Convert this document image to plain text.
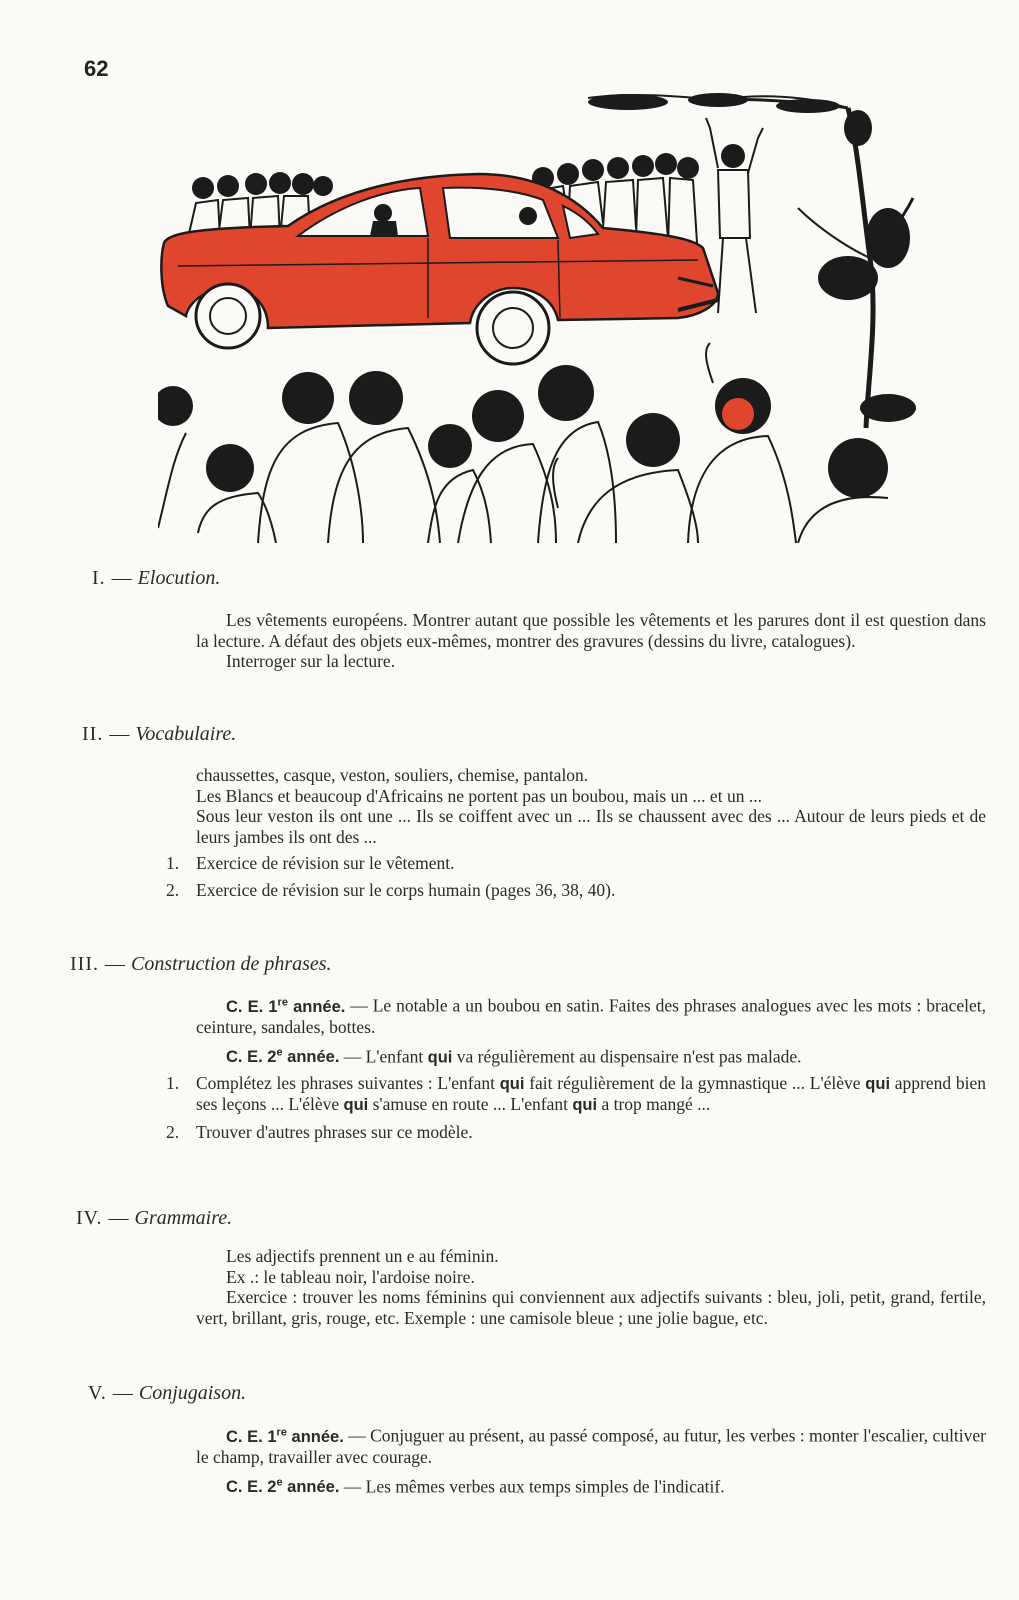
62
I. — Elocution.

Les vêtements européens. Montrer autant que possible les vêtements et les parures dont il est question dans la lecture. A défaut des objets eux-mêmes, montrer des gravures (dessins du livre, catalogues).

Interroger sur la lecture.

II. — Vocabulaire.

chaussettes, casque, veston, souliers, chemise, pantalon.

Les Blancs et beaucoup d'Africains ne portent pas un boubou, mais un ... et un ...

Sous leur veston ils ont une ... Ils se coiffent avec un ... Ils se chaussent avec des ... Autour de leurs pieds et de leurs jambes ils ont des ...

1. Exercice de révision sur le vêtement.
2. Exercice de révision sur le corps humain (pages 36, 38, 40).
III. — Construction de phrases.

C. E. 1re année. — Le notable a un boubou en satin. Faites des phrases analogues avec les mots : bracelet, ceinture, sandales, bottes.

C. E. 2e année. — L'enfant qui va régulièrement au dispensaire n'est pas malade.

1. Complétez les phrases suivantes : L'enfant qui fait régulièrement de la gymnastique ... L'élève qui apprend bien ses leçons ... L'élève qui s'amuse en route ... L'enfant qui a trop mangé ...
2. Trouver d'autres phrases sur ce modèle.
IV. — Grammaire.

Les adjectifs prennent un e au féminin.

Ex .: le tableau noir, l'ardoise noire.

Exercice : trouver les noms féminins qui conviennent aux adjectifs suivants : bleu, joli, petit, grand, fertile, vert, brillant, gris, rouge, etc. Exemple : une camisole bleue ; une jolie bague, etc.

V. — Conjugaison.

C. E. 1re année. — Conjuguer au présent, au passé composé, au futur, les verbes : monter l'escalier, cultiver le champ, travailler avec courage.

C. E. 2e année. — Les mêmes verbes aux temps simples de l'indicatif.
